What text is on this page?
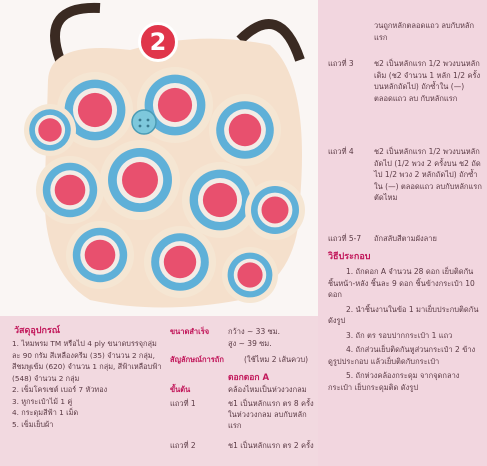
2
วนถูกหลักตลอดแถว ลบกับหลักแรก
แถวที่ 3	ช2 เป็นหลักแรก 1/2 พวงบนหลักเดิม (ช2 จำนวน 1 หลัก 1/2 ครั้งบนหลักถัดไป) ถักซ้ำใน (—) ตลอดแถว ลบ กับหลักแรก
แถวที่ 4	ช2 เป็นหลักแรก 1/2 พวงบนหลักถัดไป (1/2 พวง 2 ครั้งบน ช2 ถัดไป 1/2 พวง 2 หลักถัดไป) ถักซ้ำใน (—) ตลอดแถว ลบกับหลักแรก ตัดไหม
แถวที่ 5-7	ถักสลับสีตามผังลาย
วิธีประกอบ
1. ถักดอก A จำนวน 28 ดอก เย็บติดกันชิ้นหน้า-หลัง ชิ้นละ 9 ดอก ชิ้นข้างกระเป๋า 10 ดอก
2. นำชิ้นงานในข้อ 1 มาเย็บประกบติดกัน ดังรูป
3. ถัก ตร รอบปากกระเป๋า 1 แถว
4. ถักส่วนเย็บติดกันหูส่วนกระเป๋า 2 ข้าง ดูรูปประกอบ แล้วเย็บติดกับกระเป๋า
5. ถักห่วงคล้องกระดุม จากจุดกลางกระเป๋า เย็บกระดุมติด ดังรูป
วัสดุอุปกรณ์
1. ไหมพรม TM หรือไป 4 ply ขนาดบรรจุกลุ่มละ 90 กรัม สีเหลืองครีม (35) จำนวน 2 กลุ่ม, สีชมพูเข้ม (620) จำนวน 1 กลุ่ม, สีฟ้าเหลือบฟ้า (548) จำนวน 2 กลุ่ม
2. เข็มโครเชต์ เบอร์ 7 หัวทอง
3. หูกระเป๋าไม้ 1 คู่
4. กระดุมสีฟ้า 1 เม็ด
5. เข็มเย็บผ้า
ขนาดสำเร็จ	กว้าง ~ 33 ซม.
สูง ~ 39 ซม.
สัญลักษณ์การถัก	(ใช้ไหม 2 เส้นควบ)
ดอกดอก A
ขั้นต้น	คล้องไหมเป็นห่วงวงกลม
แถวที่ 1	ช1 เป็นหลักแรก ตร 8 ครั้งในห่วงวงกลม ลบกับหลักแรก
แถวที่ 2	ช1 เป็นหลักแรก ตร 2 ครั้ง
